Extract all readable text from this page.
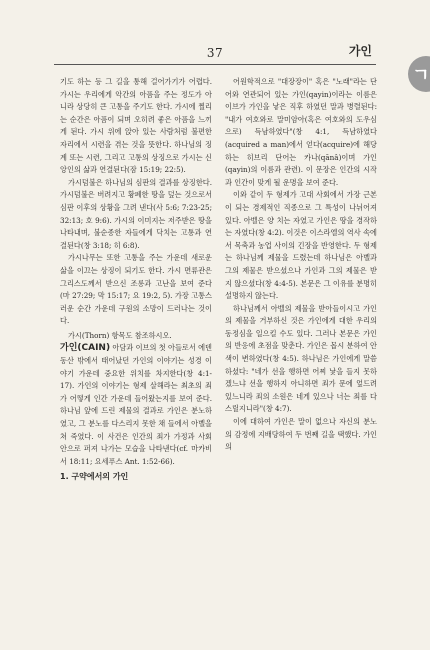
37	가인
ㄱ

기도 하는 등 그 길을 통해 걸어가기가 어렵다. 가시는 우리에게 악간의 아픔을 주는 정도가 아니라 상당히 큰 고통을 주기도 한다. 가시에 찔리는 순간은 아픔이 되며 오히려 좋은 아픔을 느끼게 된다. 가시 위에 앉아 있는 사람처럼 불편한 자리에서 시련을 겪는 것을 뜻한다. 하나님의 징계 또는 시련, 그리고 고통의 상징으로 가시는 신앙인의 삶과 연결된다(잠 15:19; 22:5).

가시덤불은 하나님의 심판의 결과를 상징한다. 가시덤불은 버려지고 황폐한 땅을 덮는 것으로서 심판 이후의 상황을 그려 낸다(사 5:6; 7:23-25; 32:13; 호 9:6). 가시의 이미지는 저주받은 땅을 나타내며, 불순종한 자들에게 닥치는 고통과 연결된다(창 3:18; 히 6:8).

가시나무는 또한 고통을 주는 가운데 새로운 삶을 이끄는 상징이 되기도 한다. 가시 면류관은 그리스도께서 받으신 조롱과 고난을 보여 준다(마 27:29; 막 15:17; 요 19:2, 5). 가장 고통스러운 순간 가운데 구원의 소망이 드러나는 것이다.

가시(Thorn) 항목도 참조하시오.

가인(CAIN) 아담과 이브의 첫 아들로서 에덴동산 밖에서 태어났던 가인의 이야기는 성경 이야기 가운데 중요한 위치를 차지한다(창 4:1-17). 가인의 이야기는 형제 살해라는 최초의 죄가 어떻게 인간 가운데 들어왔는지를 보여 준다. 하나님 앞에 드린 제물의 결과로 가인은 분노하였고, 그 분노를 다스리지 못한 채 들에서 아벨을 쳐 죽였다. 이 사건은 인간의 죄가 가정과 사회 안으로 퍼져 나가는 모습을 나타낸다(cf. 마카비서 18:11; 요세푸스 Ant. 1:52-66).

1. 구약에서의 가인

어원학적으로 "대장장이" 혹은 "노래"라는 단어와 연관되어 있는 가인(qayin)이라는 이름은 이브가 가인을 낳은 직후 하였던 말과 병렬된다: "내가 여호와로 말미암아(혹은 여호와의 도우심으로) 득남하였다"(창 4:1, 득남하였다(acquired a man)에서 얻다(acquire)에 해당하는 히브리 단어는 카나(qānâ)이며 가인(qayin)의 이름과 관련). 이 문장은 인간의 시작과 인간이 맞게 될 운명을 보여 준다.

이와 같이 두 형제가 고대 사회에서 가장 근본이 되는 경제적인 직종으로 그 특성이 나뉘어져 있다. 아벨은 양 치는 자였고 가인은 땅을 경작하는 자였다(창 4:2). 이것은 이스라엘의 역사 속에서 목축과 농업 사이의 긴장을 반영한다. 두 형제는 하나님께 제물을 드렸는데 하나님은 아벨과 그의 제물은 받으셨으나 가인과 그의 제물은 받지 않으셨다(창 4:4-5). 본문은 그 이유를 분명히 설명하지 않는다.

하나님께서 아벨의 제물을 받아들이시고 가인의 제물을 거부하신 것은 가인에게 대한 우리의 동정심을 일으킬 수도 있다. 그러나 본문은 가인의 반응에 초점을 맞춘다. 가인은 몹시 분하여 안색이 변하였다(창 4:5). 하나님은 가인에게 말씀하셨다: "네가 선을 행하면 어찌 낯을 들지 못하겠느냐 선을 행하지 아니하면 죄가 문에 엎드려 있느니라 죄의 소원은 네게 있으나 너는 죄를 다스릴지니라"(창 4:7).

이에 대하여 가인은 말이 없으나 자신의 분노의 감정에 지배당하여 두 번째 길을 택했다. 가인의
